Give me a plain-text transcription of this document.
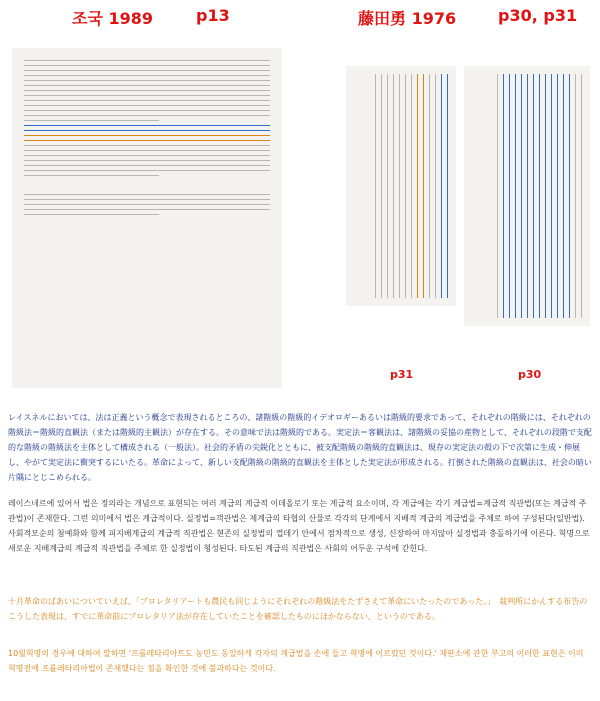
조국 1989	p13	藤田勇 1976	p30, p31
p31	p30

レイスネルにおいては、法は正義という概念で表現されるところの、諸階級の階級的イデオロギーあるいは階級的要求であって、それぞれの階級には、それぞれの階級法＝階級的直観法（または階級的主観法）が存在する。その意味で法は階級的である。実定法＝客観法は、諸階級の妥協の産物として、それぞれの段階で支配的な階級の階級法を主体として構成される（一般法）。社会的矛盾の尖鋭化とともに、被支配階級の階級的直観法は、現存の実定法の殻の下で次第に生成・伸展し、やがて実定法に衝突するにいたる。革命によって、新しい支配階級の階級的直観法を主体とした実定法が形成される。打倒された階級の直観法は、社会の暗い片隅にとじこめられる。

레이스네르에 있어서 법은 정의라는 개념으로 표현되는 여러 계급의 계급적 이데올로기 또는 계급적 요소이며, 각 계급에는 각기 계급법=계급적 직관법(또는 계급적 주관법)이 존재한다. 그런 의미에서 법은 계급적이다. 실정법=객관법은 제계급의 타협의 산물로 각각의 단계에서 지배적 계급의 계급법을 주체로 하여 구성된다(일반법). 사회적모순의 첨예화와 함께 피지배계급의 계급적 직관법은 현존의 실정법의 껍데기 안에서 점차적으로 생성, 신장하여 마지않아 실정법과 충돌하기에 이른다. 혁명으로 새로운 지배계급의 계급적 직관법을 주체로 한 실정법이 형성된다. 타도된 계급의 직관법은 사회의 어두운 구석에 갇힌다.

十月革命のばあいについていえば、「プロレタリアートも農民も同じようにそれぞれの階級法をたずさえて革命にいたったのであった。」　裁判所にかんする布告のこうした表現は、すでに革命前にプロレタリア法が存在していたことを確認したものにほかならない、というのである。

10월혁명의 경우에 대하여 말하면 '프롤레타리아트도 농민도 동일하게 각자의 계급법을 손에 들고 혁명에 이르렀던 것이다.' 재판소에 관한 부고의 이러한 표현은 이미 혁명전에 프롤레타리아법이 존재했다는 점을 확인한 것에 불과하다는 것이다.
